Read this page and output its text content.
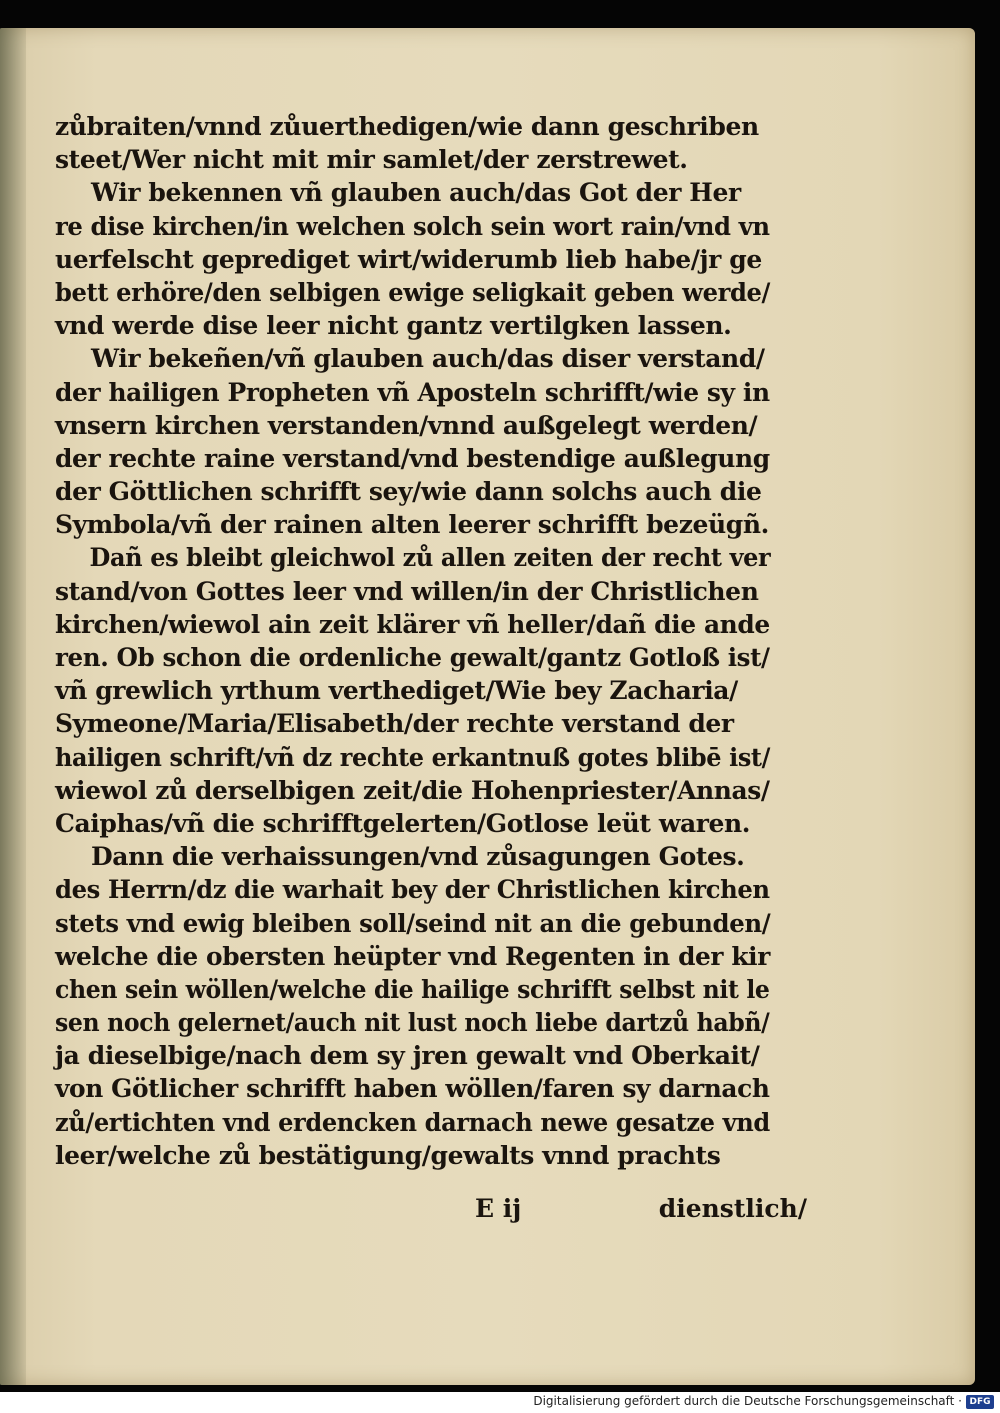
zůbraiten/vnnd zůuerthedigen/wie dann geschriben
steet/Wer nicht mit mir samlet/der zerstrewet.
Wir bekennen vñ glauben auch/das Got der Her
re dise kirchen/in welchen solch sein wort rain/vnd vn
uerfelscht geprediget wirt/widerumb lieb habe/jr ge
bett erhöre/den selbigen ewige seligkait geben werde/
vnd werde dise leer nicht gantz vertilgken lassen.
Wir bekeñen/vñ glauben auch/das diser verstand/
der hailigen Propheten vñ Aposteln schrifft/wie sy in
vnsern kirchen verstanden/vnnd außgelegt werden/
der rechte raine verstand/vnd bestendige außlegung
der Göttlichen schrifft sey/wie dann solchs auch die
Symbola/vñ der rainen alten leerer schrifft bezeügñ.
Dañ es bleibt gleichwol zů allen zeiten der recht ver
stand/von Gottes leer vnd willen/in der Christlichen
kirchen/wiewol ain zeit klärer vñ heller/dañ die ande
ren. Ob schon die ordenliche gewalt/gantz Gotloß ist/
vñ grewlich yrthum verthediget/Wie bey Zacharia/
Symeone/Maria/Elisabeth/der rechte verstand der
hailigen schrift/vñ dz rechte erkantnuß gotes blibē ist/
wiewol zů derselbigen zeit/die Hohenpriester/Annas/
Caiphas/vñ die schrifftgelerten/Gotlose leüt waren.
Dann die verhaissungen/vnd zůsagungen Gotes.
des Herrn/dz die warhait bey der Christlichen kirchen
stets vnd ewig bleiben soll/seind nit an die gebunden/
welche die obersten heüpter vnd Regenten in der kir
chen sein wöllen/welche die hailige schrifft selbst nit le
sen noch gelernet/auch nit lust noch liebe dartzů habñ/
ja dieselbige/nach dem sy jren gewalt vnd Oberkait/
von Götlicher schrifft haben wöllen/faren sy darnach
zů/ertichten vnd erdencken darnach newe gesatze vnd
leer/welche zů bestätigung/gewalts vnnd prachts
E ij	dienstlich/
Digitalisierung gefördert durch die Deutsche Forschungsgemeinschaft · DFG
